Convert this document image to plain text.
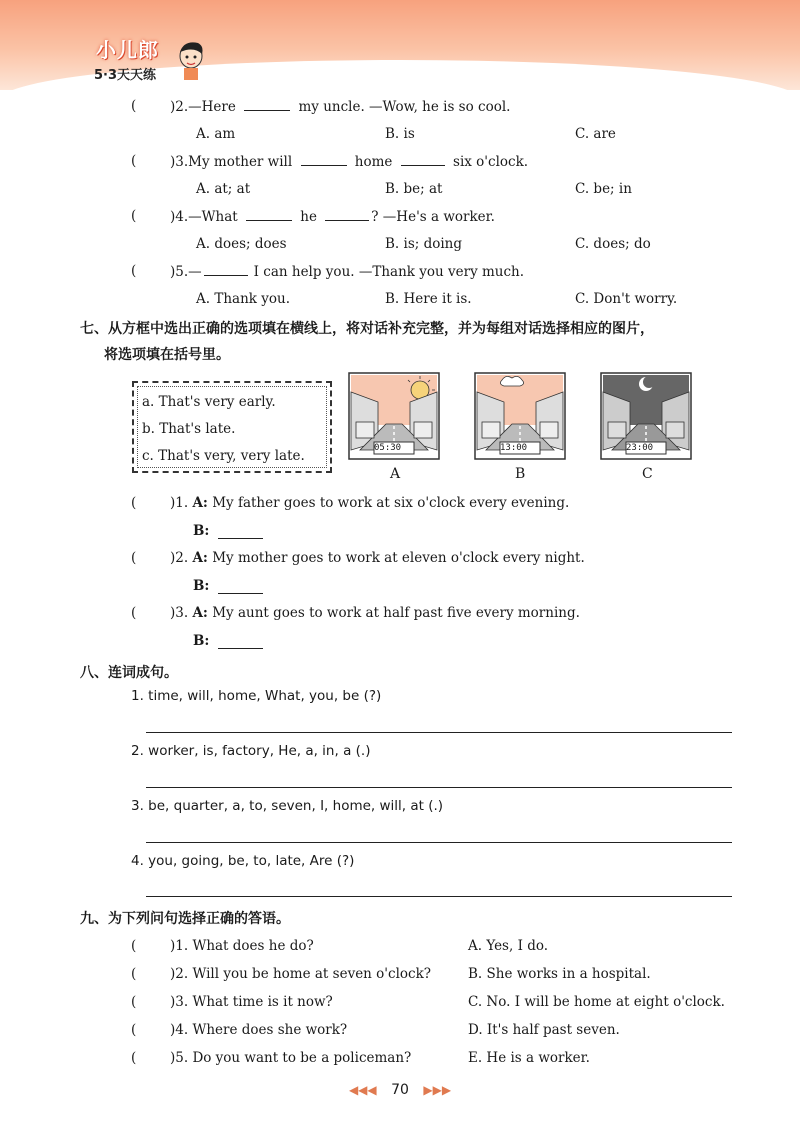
小儿郎
5·3天天练
( )2.—Here	my uncle. —Wow, he is so cool.
A. am	B. is	C. are
( )3.My mother will	home	six o'clock.
A. at; at	B. be; at	C. be; in
( )4.—What	he	? —He's a worker.
A. does; does	B. is; doing	C. does; do
( )5.—	I can help you. —Thank you very much.
A. Thank you.	B. Here it is.	C. Don't worry.
七、从方框中选出正确的选项填在横线上，将对话补充完整，并为每组对话选择相应的图片，
将选项填在括号里。
a. That's very early.
b. That's late.
c. That's very, very late.	05:30
A
13:00
B
23:00
C
( )1. A: My father goes to work at six o'clock every evening.
B:
( )2. A: My mother goes to work at eleven o'clock every night.
B:
( )3. A: My aunt goes to work at half past five every morning.
B:
八、连词成句。
1. time, will, home, What, you, be (?)
2. worker, is, factory, He, a, in, a (.)
3. be, quarter, a, to, seven, I, home, will, at (.)
4. you, going, be, to, late, Are (?)
九、为下列问句选择正确的答语。
( )1. What does he do?	A. Yes, I do.
( )2. Will you be home at seven o'clock?	B. She works in a hospital.
( )3. What time is it now?	C. No. I will be home at eight o'clock.
( )4. Where does she work?	D. It's half past seven.
( )5. Do you want to be a policeman?	E. He is a worker.
◀◀◀ 70 ▶▶▶
